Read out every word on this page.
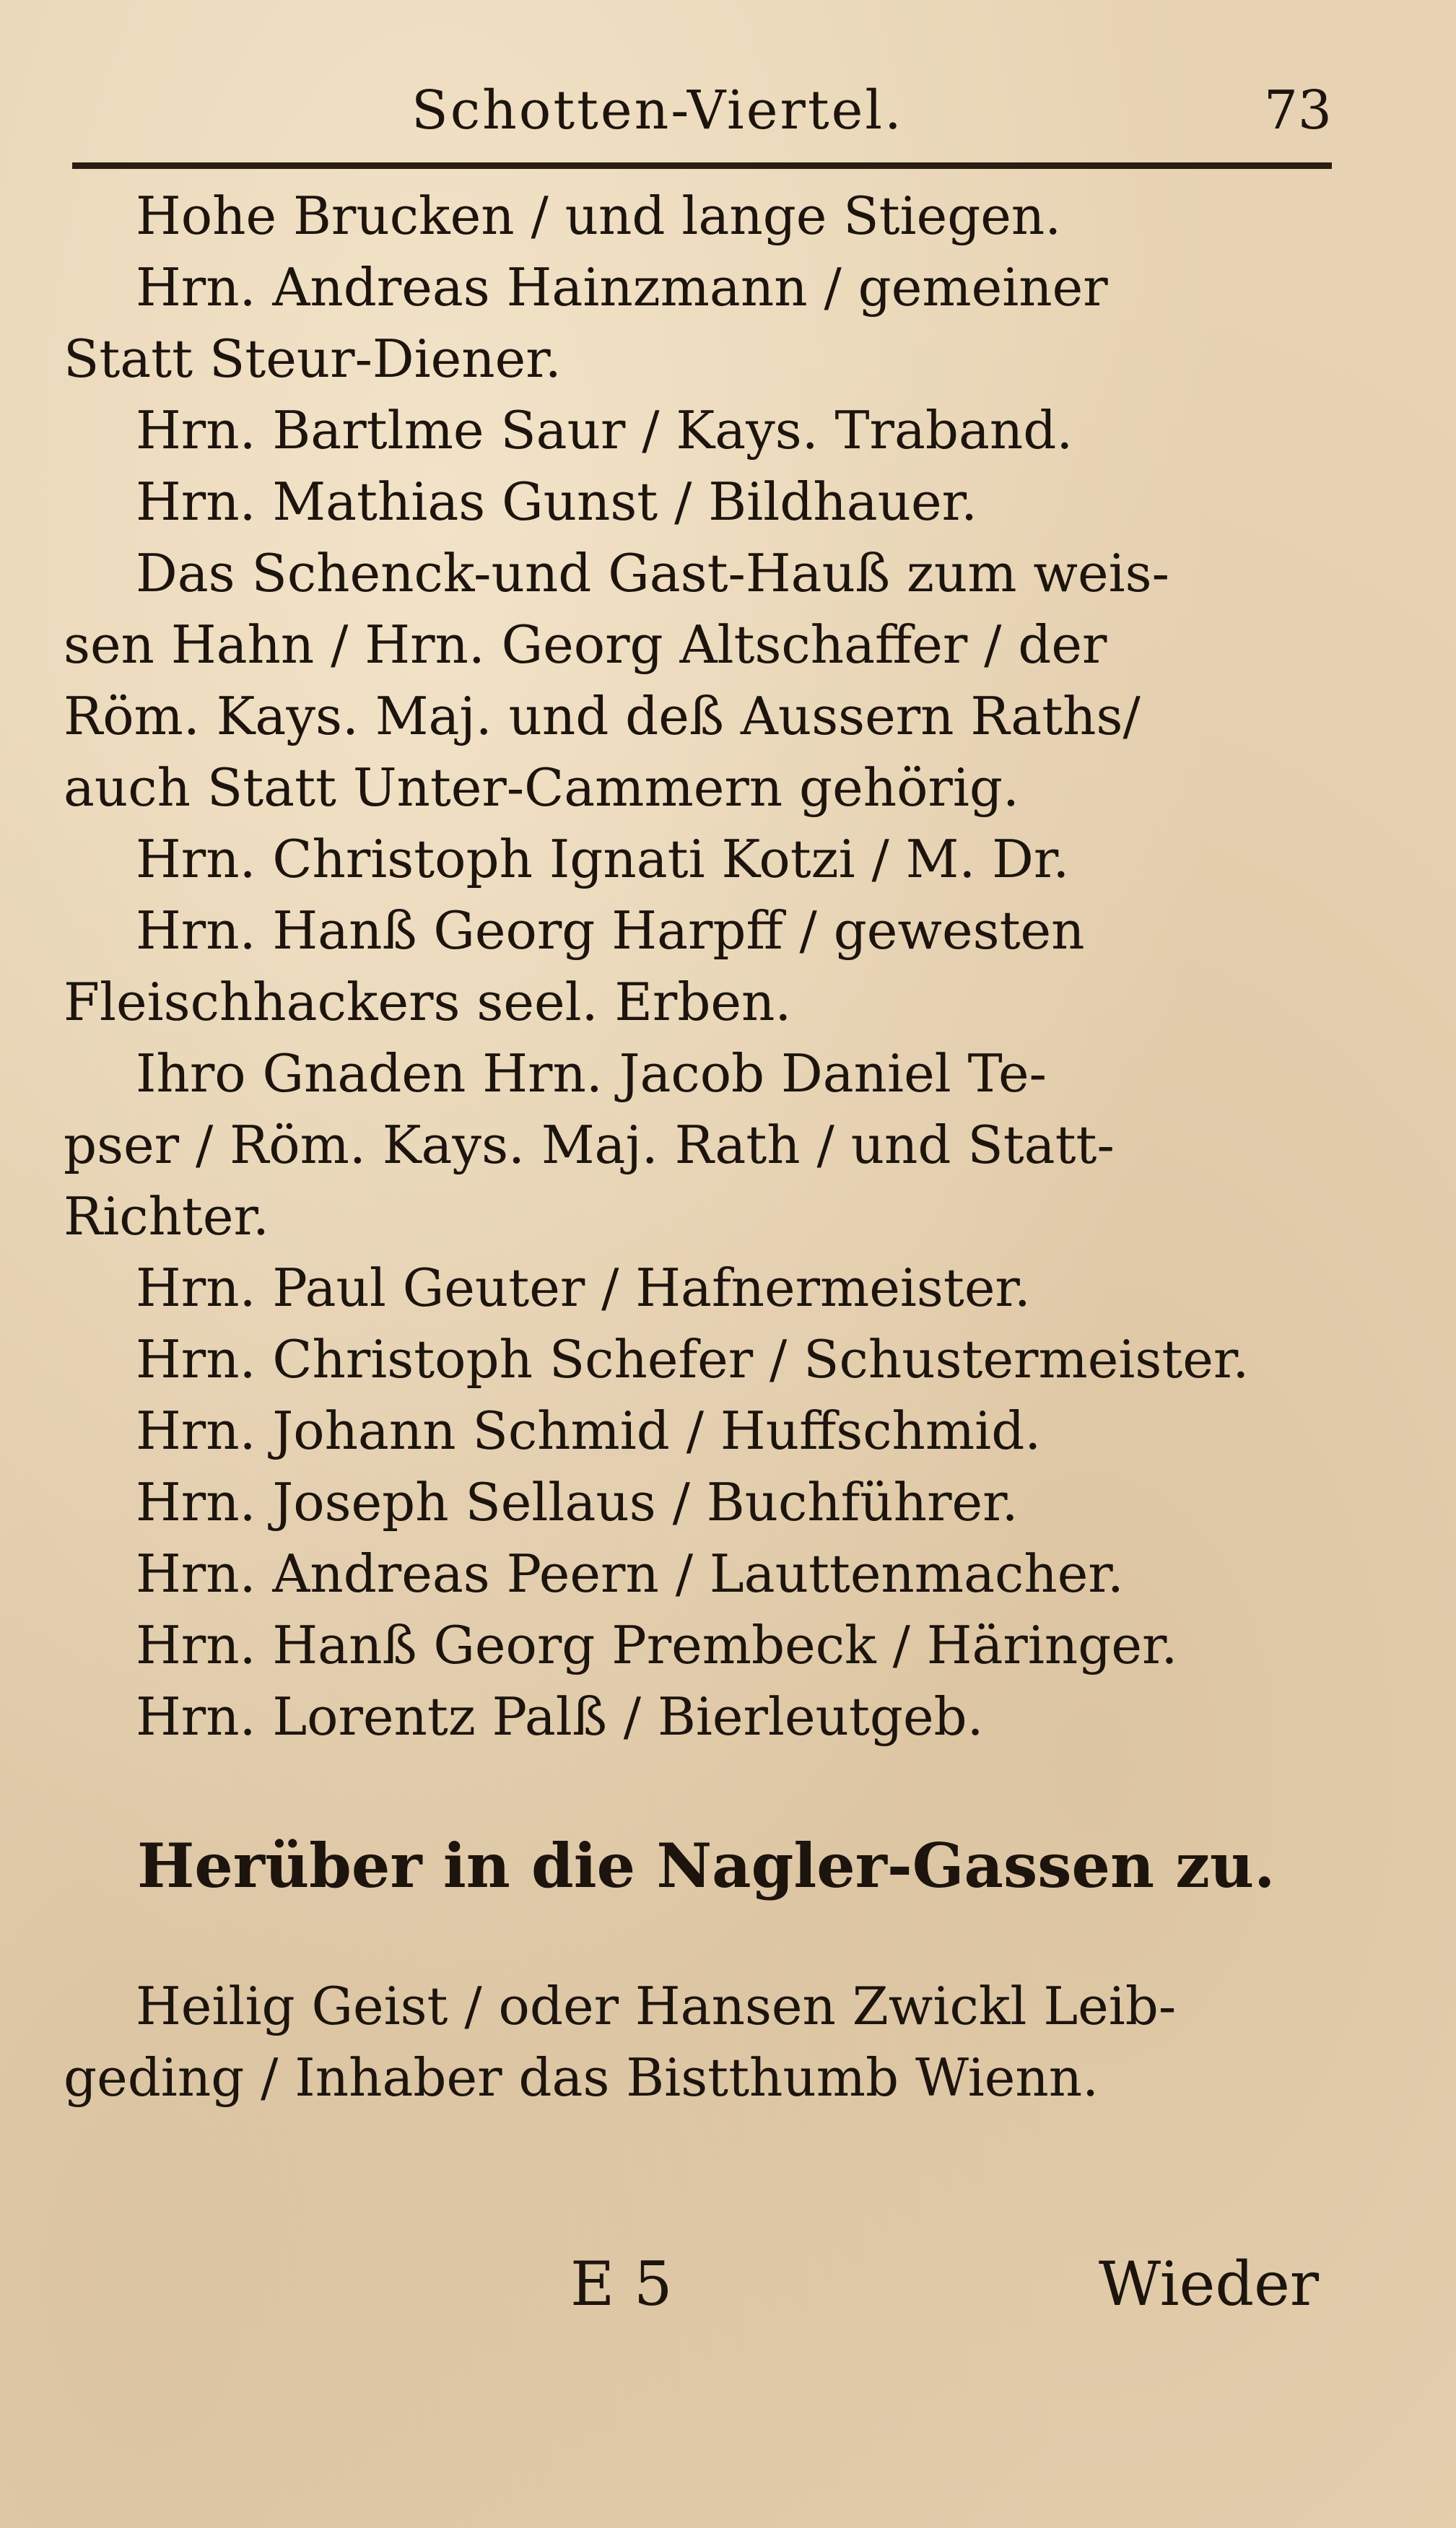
Schotten-Viertel.	73
Hohe Brucken / und lange Stiegen.
Hrn. Andreas Hainzmann / gemeiner
Statt Steur-Diener.
Hrn. Bartlme Saur / Kays. Traband.
Hrn. Mathias Gunst / Bildhauer.
Das Schenck-und Gast-Hauß zum weis-
sen Hahn / Hrn. Georg Altschaffer / der
Röm. Kays. Maj. und deß Aussern Raths/
auch Statt Unter-Cammern gehörig.
Hrn. Christoph Ignati Kotzi / M. Dr.
Hrn. Hanß Georg Harpff / gewesten
Fleischhackers seel. Erben.
Ihro Gnaden Hrn. Jacob Daniel Te-
pser / Röm. Kays. Maj. Rath / und Statt-
Richter.
Hrn. Paul Geuter / Hafnermeister.
Hrn. Christoph Schefer / Schustermeister.
Hrn. Johann Schmid / Huffschmid.
Hrn. Joseph Sellaus / Buchführer.
Hrn. Andreas Peern / Lauttenmacher.
Hrn. Hanß Georg Prembeck / Häringer.
Hrn. Lorentz Palß / Bierleutgeb.
Herüber in die Nagler-Gassen zu.
Heilig Geist / oder Hansen Zwickl Leib-
geding / Inhaber das Bistthumb Wienn.
E 5	Wieder
